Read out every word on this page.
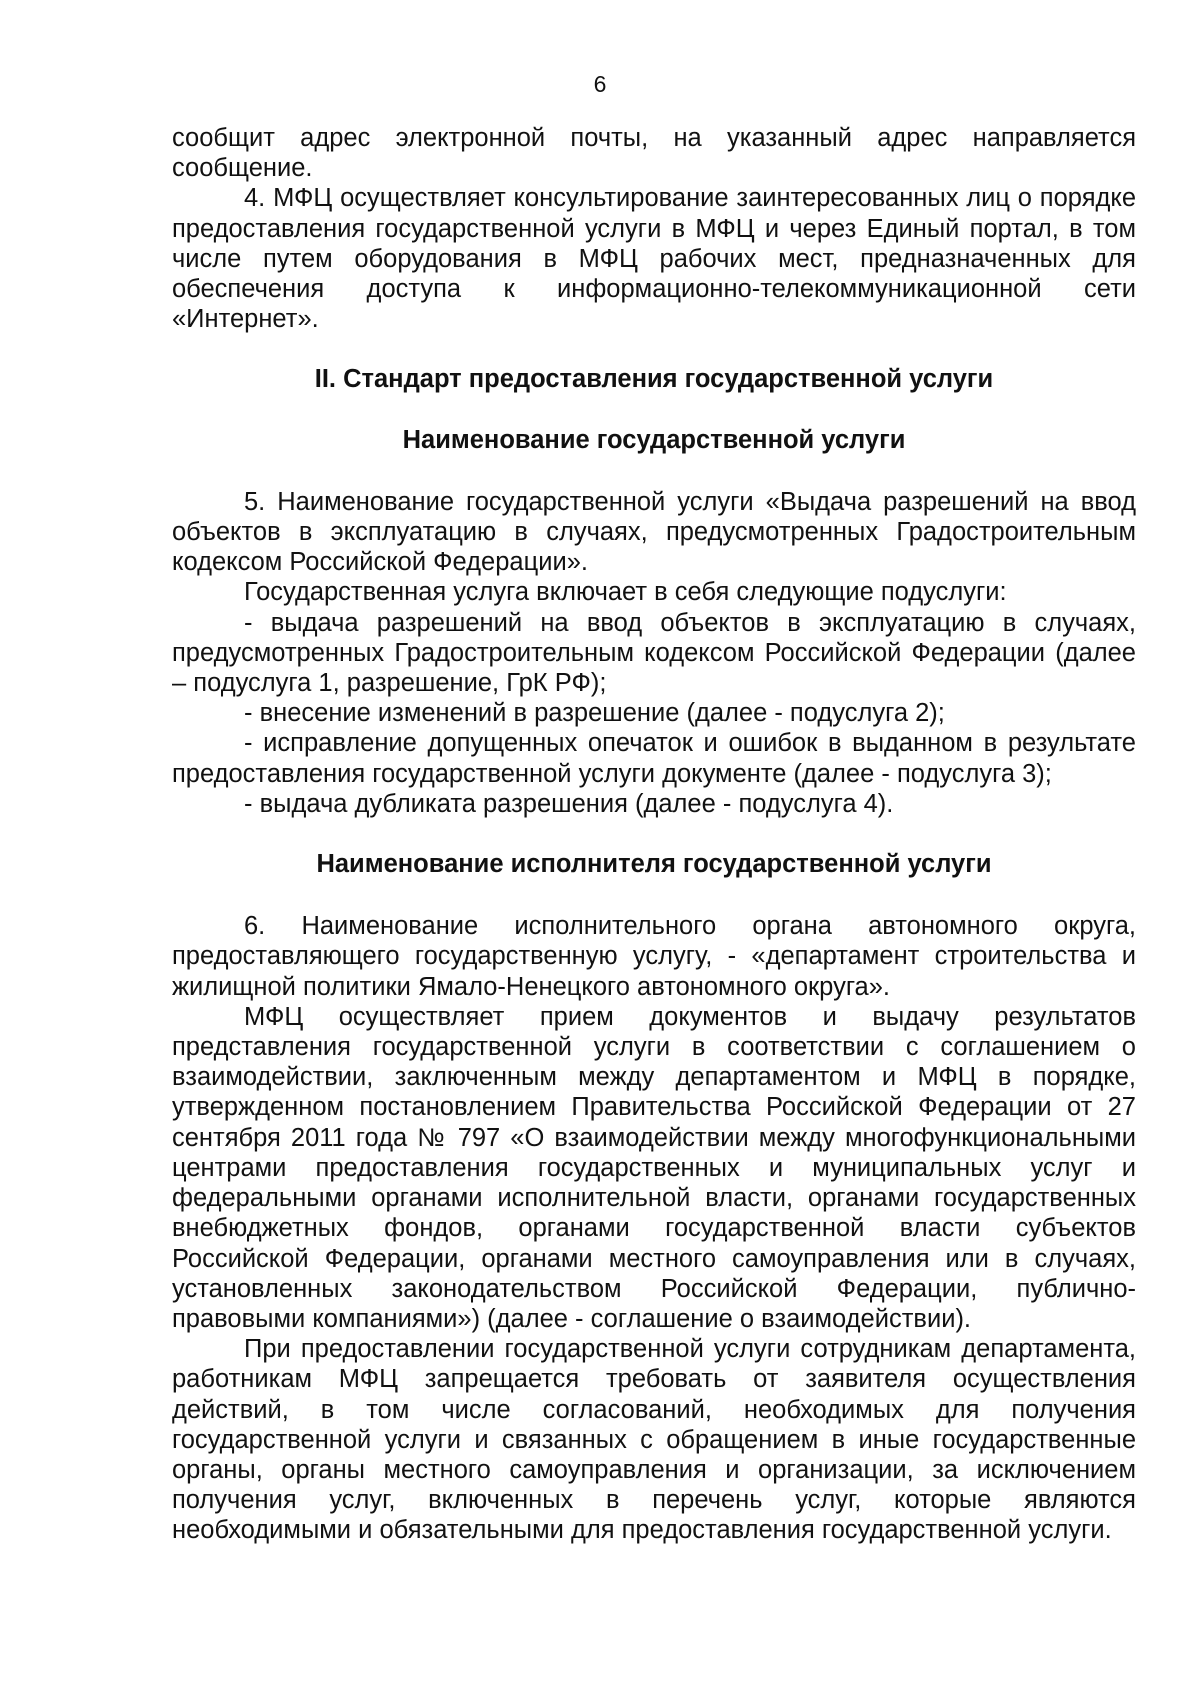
6

сообщит адрес электронной почты, на указанный адрес направляется сообщение.

4. МФЦ осуществляет консультирование заинтересованных лиц о порядке предоставления государственной услуги в МФЦ и через Единый портал, в том числе путем оборудования в МФЦ рабочих мест, предназначенных для обеспечения доступа к информационно-телекоммуникационной сети «Интернет».

II. Стандарт предоставления государственной услуги
Наименование государственной услуги

5. Наименование государственной услуги «Выдача разрешений на ввод объектов в эксплуатацию в случаях, предусмотренных Градостроительным кодексом Российской Федерации».

Государственная услуга включает в себя следующие подуслуги:

- выдача разрешений на ввод объектов в эксплуатацию в случаях, предусмотренных Градостроительным кодексом Российской Федерации (далее – подуслуга 1, разрешение, ГрК РФ);

- внесение изменений в разрешение (далее - подуслуга 2);

- исправление допущенных опечаток и ошибок в выданном в результате предоставления государственной услуги документе (далее - подуслуга 3);

- выдача дубликата разрешения (далее - подуслуга 4).

Наименование исполнителя государственной услуги

6. Наименование исполнительного органа автономного округа, предоставляющего государственную услугу, - «департамент строительства и жилищной политики Ямало-Ненецкого автономного округа».

МФЦ осуществляет прием документов и выдачу результатов представления государственной услуги в соответствии с соглашением о взаимодействии, заключенным между департаментом и МФЦ в порядке, утвержденном постановлением Правительства Российской Федерации от 27 сентября 2011 года № 797 «О взаимодействии между многофункциональными центрами предоставления государственных и муниципальных услуг и федеральными органами исполнительной власти, органами государственных внебюджетных фондов, органами государственной власти субъектов Российской Федерации, органами местного самоуправления или в случаях, установленных законодательством Российской Федерации, публично-правовыми компаниями») (далее - соглашение о взаимодействии).

При предоставлении государственной услуги сотрудникам департамента, работникам МФЦ запрещается требовать от заявителя осуществления действий, в том числе согласований, необходимых для получения государственной услуги и связанных с обращением в иные государственные органы, органы местного самоуправления и организации, за исключением получения услуг, включенных в перечень услуг, которые являются необходимыми и обязательными для предоставления государственной услуги.
